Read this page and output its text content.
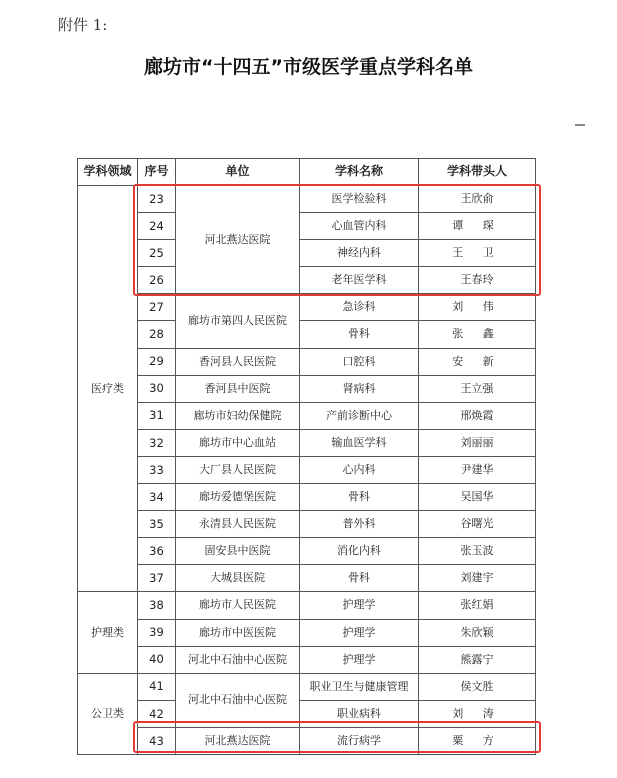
附件 1:
廊坊市“十四五”市级医学重点学科名单
学科领域	序号	单位	学科名称	学科带头人
医疗类	23	河北燕达医院	医学检验科	王欣俞
	24		心血管内科	谭 琛
	25		神经内科	王 卫
	26		老年医学科	王春玲
	27	廊坊市第四人民医院	急诊科	刘 伟
	28		骨科	张 鑫
	29	香河县人民医院	口腔科	安 新
	30	香河县中医院	肾病科	王立强
	31	廊坊市妇幼保健院	产前诊断中心	邢焕霞
	32	廊坊市中心血站	输血医学科	刘丽丽
	33	大厂县人民医院	心内科	尹建华
	34	廊坊爱德堡医院	骨科	吴国华
	35	永清县人民医院	普外科	谷曙光
	36	固安县中医院	消化内科	张玉波
	37	大城县医院	骨科	刘建宇
护理类	38	廊坊市人民医院	护理学	张红娟
	39	廊坊市中医医院	护理学	朱欣颖
	40	河北中石油中心医院	护理学	熊露宁
公卫类	41	河北中石油中心医院	职业卫生与健康管理	侯文胜
	42		职业病科	刘 涛
	43	河北燕达医院	流行病学	粟 方
